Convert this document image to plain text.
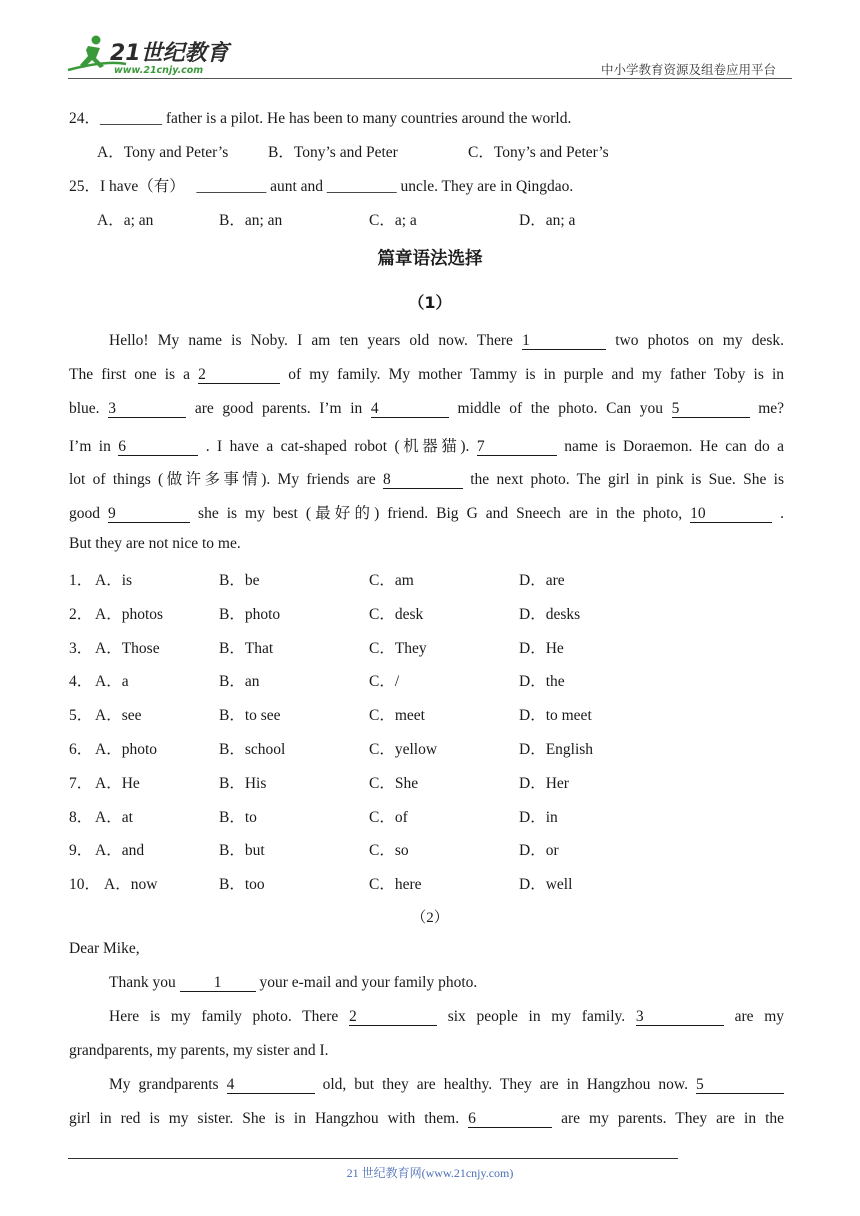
21世纪教育
www.21cnjy.com	中小学教育资源及组卷应用平台
24．________ father is a pilot. He has been to many countries around the world.
A．Tony and Peter’s	B．Tony’s and Peter	C．Tony’s and Peter’s
25．I have（有） _________ aunt and _________ uncle. They are in Qingdao.
A．a; an	B．an; an	C．a; a	D．an; a
篇章语法选择
（1）
Hello! My name is Noby. I am ten years old now. There 1	two photos on my desk.
The first one is a 2	of my family. My mother Tammy is in purple and my father Toby is in
blue. 3	are good parents. I’m in 4	middle of the photo. Can you 5	me?
I’m in 6	. I have a cat-shaped robot (机器猫). 7	name is Doraemon. He can do a
lot of things (做许多事情). My friends are 8	the next photo. The girl in pink is Sue. She is
good 9	she is my best (最好的) friend. Big G and Sneech are in the photo, 10	.
But they are not nice to me.
1． A．is	B．be	C．am	D．are
2． A．photos	B．photo	C．desk	D．desks
3． A．Those	B．That	C．They	D．He
4． A．a	B．an	C．/	D．the
5． A．see	B．to see	C．meet	D．to meet
6． A．photo	B．school	C．yellow	D．English
7． A．He	B．His	C．She	D．Her
8． A．at	B．to	C．of	D．in
9． A．and	B．but	C．so	D．or
10． A．now	B．too	C．here	D．well
（2）
Dear Mike,
Thank you 1 your e-mail and your family photo.
Here is my family photo. There 2	six people in my family. 3	are my
grandparents, my parents, my sister and I.
My grandparents 4	old, but they are healthy. They are in Hangzhou now. 5
girl in red is my sister. She is in Hangzhou with them. 6	are my parents. They are in the
21 世纪教育网(www.21cnjy.com)
